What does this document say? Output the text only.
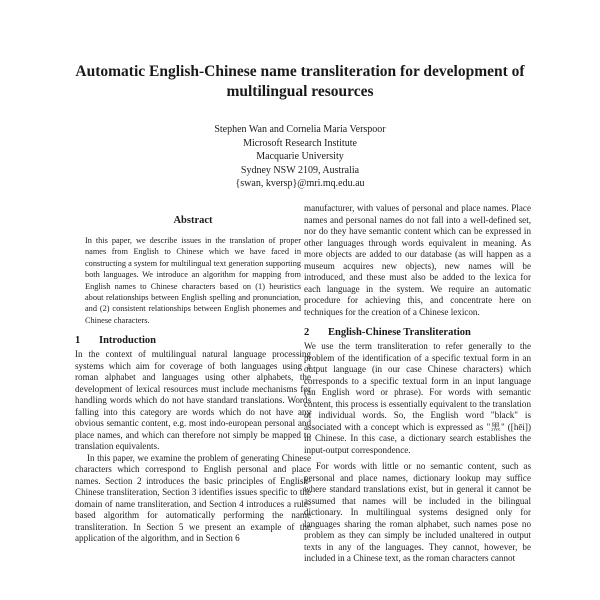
Automatic English-Chinese name transliteration for development of multilingual resources
Stephen Wan and Cornelia Maria Verspoor
Microsoft Research Institute
Macquarie University
Sydney NSW 2109, Australia
{swan, kversp}@mri.mq.edu.au
Abstract

In this paper, we describe issues in the translation of proper names from English to Chinese which we have faced in constructing a system for multilingual text generation supporting both languages. We introduce an algorithm for mapping from English names to Chinese characters based on (1) heuristics about relationships between English spelling and pronunciation, and (2) consistent relationships between English phonemes and Chinese characters.

1 Introduction

In the context of multilingual natural language processing systems which aim for coverage of both languages using a roman alphabet and languages using other alphabets, the development of lexical resources must include mechanisms for handling words which do not have standard translations. Words falling into this category are words which do not have any obvious semantic content, e.g. most indo-european personal and place names, and which can therefore not simply be mapped to translation equivalents.

In this paper, we examine the problem of generating Chinese characters which correspond to English personal and place names. Section 2 introduces the basic principles of English-Chinese transliteration, Section 3 identifies issues specific to the domain of name transliteration, and Section 4 introduces a rule-based algorithm for automatically performing the name transliteration. In Section 5 we present an example of the application of the algorithm, and in Section 6

manufacturer, with values of personal and place names. Place names and personal names do not fall into a well-defined set, nor do they have semantic content which can be expressed in other languages through words equivalent in meaning. As more objects are added to our database (as will happen as a museum acquires new objects), new names will be introduced, and these must also be added to the lexica for each language in the system. We require an automatic procedure for achieving this, and concentrate here on techniques for the creation of a Chinese lexicon.

2 English-Chinese Transliteration

We use the term transliteration to refer generally to the problem of the identification of a specific textual form in an output language (in our case Chinese characters) which corresponds to a specific textual form in an input language (an English word or phrase). For words with semantic content, this process is essentially equivalent to the translation of individual words. So, the English word "black" is associated with a concept which is expressed as "黑" ([hēi]) in Chinese. In this case, a dictionary search establishes the input-output correspondence.

For words with little or no semantic content, such as personal and place names, dictionary lookup may suffice where standard translations exist, but in general it cannot be assumed that names will be included in the bilingual dictionary. In multilingual systems designed only for languages sharing the roman alphabet, such names pose no problem as they can simply be included unaltered in output texts in any of the languages. They cannot, however, be included in a Chinese text, as the roman characters cannot
